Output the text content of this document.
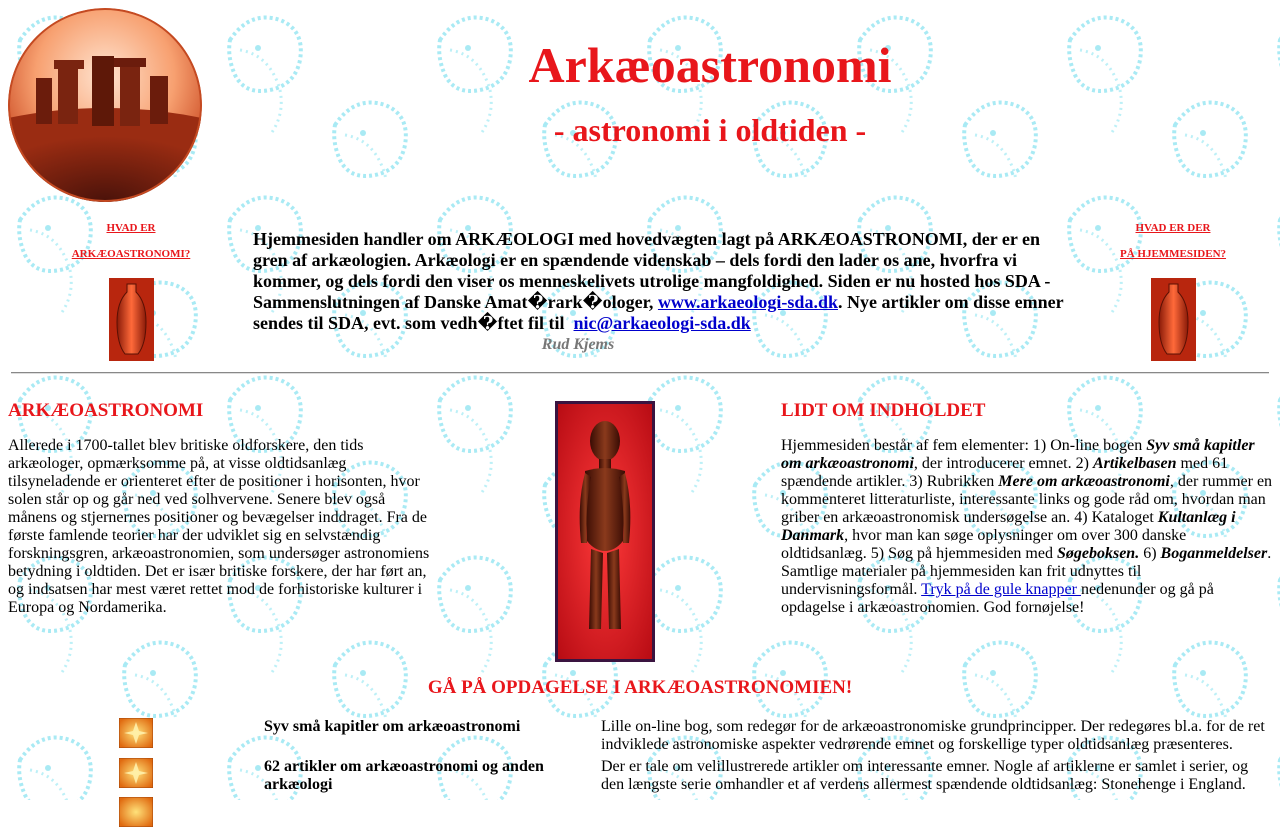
Arkæoastronomi
- astronomi i oldtiden -
HVAD ER
ARKÆOASTRONOMI?
HVAD ER DER
PÅ HJEMMESIDEN?
Hjemmesiden handler om ARKÆOLOGI med hovedvægten lagt på ARKÆOASTRONOMI, der er en gren af arkæologien. Arkæologi er en spændende videnskab – dels fordi den lader os ane, hvorfra vi kommer, og dels fordi den viser os menneskelivets utrolige mangfoldighed. Siden er nu hosted hos SDA - Sammenslutningen af Danske Amat�rark�ologer, www.arkaeologi-sda.dk. Nye artikler om disse emner sendes til SDA, evt. som vedh�ftet fil til  nic@arkaeologi-sda.dk
Rud Kjems
ARKÆOASTRONOMI
Allerede i 1700-tallet blev britiske oldforskere, den tids arkæologer, opmærksomme på, at visse oldtidsanlæg tilsyneladende er orienteret efter de positioner i horisonten, hvor solen står op og går ned ved solhvervene. Senere blev også månens og stjernernes positioner og bevægelser inddraget. Fra de første famlende teorier har der udviklet sig en selvstændig forskningsgren, arkæoastronomien, som undersøger astronomiens betydning i oldtiden. Det er især britiske forskere, der har ført an, og indsatsen har mest været rettet mod de forhistoriske kulturer i Europa og Nordamerika.
LIDT OM INDHOLDET
Hjemmesiden består af fem elementer: 1) On-line bogen Syv små kapitler om arkæoastronomi, der introducerer emnet. 2) Artikelbasen med 61 spændende artikler. 3) Rubrikken Mere om arkæoastronomi, der rummer en kommenteret litteraturliste, interessante links og gode råd om, hvordan man griber en arkæoastronomisk undersøgelse an. 4) Kataloget Kultanlæg i Danmark, hvor man kan søge oplysninger om over 300 danske oldtidsanlæg. 5) Søg på hjemmesiden med Søgeboksen. 6) Boganmeldelser. Samtlige materialer på hjemmesiden kan frit udnyttes til undervisningsformål. Tryk på de gule knapper nedenunder og gå på opdagelse i arkæoastronomien. God fornøjelse!
GÅ PÅ OPDAGELSE I ARKÆOASTRONOMIEN!
Syv små kapitler om arkæoastronomi	Lille on-line bog, som redegør for de arkæoastronomiske grundprincipper. Der redegøres bl.a. for de ret
indviklede astronomiske aspekter vedrørende emnet og forskellige typer oldtidsanlæg præsenteres.
62 artikler om arkæoastronomi og anden arkæologi
Der er tale om velillustrerede artikler om interessante emner. Nogle af artiklerne er samlet i serier, og
den længste serie omhandler et af verdens allermest spændende oldtidsanlæg: Stonehenge i England.
